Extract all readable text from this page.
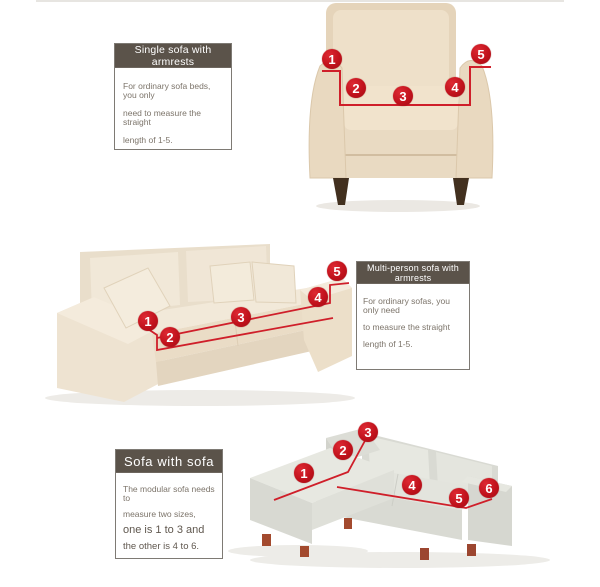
Single sofa with armrests

For ordinary sofa beds, you only

need to measure the straight

length of 1-5.

Multi-person sofa with armrests

For ordinary sofas, you only need

to measure the straight

length of 1-5.

Sofa with sofa

The modular sofa needs to

measure two sizes,

one is 1 to 3 and

the other is 4 to 6.

1
2
3
4
5
1
2
3
4
5
1
2
3
4
5
6
